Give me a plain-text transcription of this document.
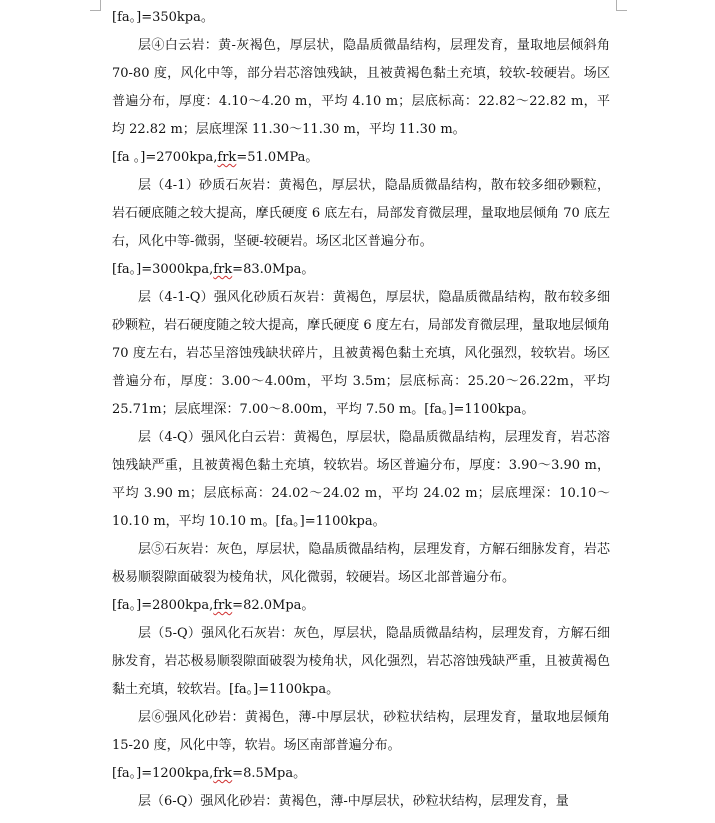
[fa。]=350kpa。

层④白云岩：黄-灰褐色，厚层状，隐晶质微晶结构，层理发育，量取地层倾斜角 70-80 度，风化中等，部分岩芯溶蚀残缺，且被黄褐色黏土充填，较软-较硬岩。场区普遍分布，厚度：4.10～4.20 m，平均 4.10 m；层底标高：22.82～22.82 m，平均 22.82 m；层底埋深 11.30～11.30 m，平均 11.30 m。

[fa 。]=2700kpa,frk=51.0MPa。

层（4-1）砂质石灰岩：黄褐色，厚层状，隐晶质微晶结构，散布较多细砂颗粒，岩石硬底随之较大提高，摩氏硬度 6 底左右，局部发育微层理，量取地层倾角 70 底左右，风化中等-微弱，坚硬-较硬岩。场区北区普遍分布。

[fa。]=3000kpa,frk=83.0Mpa。

层（4-1-Q）强风化砂质石灰岩：黄褐色，厚层状，隐晶质微晶结构，散布较多细砂颗粒，岩石硬度随之较大提高，摩氏硬度 6 度左右，局部发育微层理，量取地层倾角 70 度左右，岩芯呈溶蚀残缺状碎片，且被黄褐色黏土充填，风化强烈，较软岩。场区普遍分布，厚度：3.00～4.00m，平均 3.5m；层底标高：25.20～26.22m，平均 25.71m；层底埋深：7.00～8.00m，平均 7.50 m。[fa。]=1100kpa。

层（4-Q）强风化白云岩：黄褐色，厚层状，隐晶质微晶结构，层理发育，岩芯溶蚀残缺严重，且被黄褐色黏土充填，较软岩。场区普遍分布，厚度：3.90～3.90 m，平均 3.90 m；层底标高：24.02～24.02 m，平均 24.02 m；层底埋深：10.10～10.10 m，平均 10.10 m。[fa。]=1100kpa。

层⑤石灰岩：灰色，厚层状，隐晶质微晶结构，层理发育，方解石细脉发育，岩芯极易顺裂隙面破裂为棱角状，风化微弱，较硬岩。场区北部普遍分布。

[fa。]=2800kpa,frk=82.0Mpa。

层（5-Q）强风化石灰岩：灰色，厚层状，隐晶质微晶结构，层理发育，方解石细脉发育，岩芯极易顺裂隙面破裂为棱角状，风化强烈，岩芯溶蚀残缺严重，且被黄褐色黏土充填，较软岩。[fa。]=1100kpa。

层⑥强风化砂岩：黄褐色，薄-中厚层状，砂粒状结构，层理发育，量取地层倾角 15-20 度，风化中等，软岩。场区南部普遍分布。

[fa。]=1200kpa,frk=8.5Mpa。

层（6-Q）强风化砂岩：黄褐色，薄-中厚层状，砂粒状结构，层理发育，量
